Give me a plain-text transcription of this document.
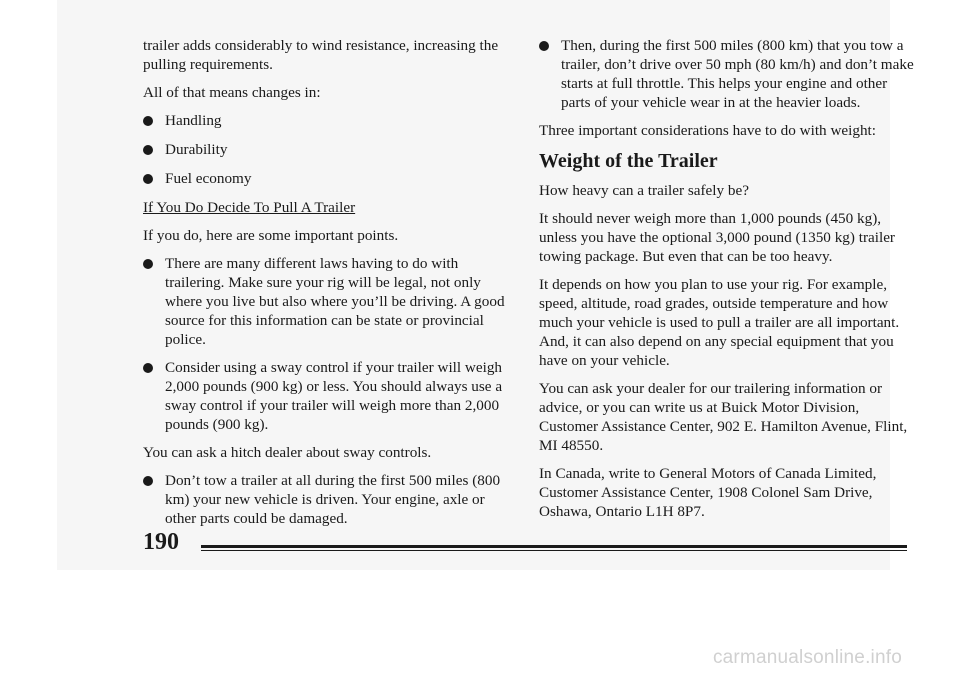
trailer adds considerably to wind resistance, increasing the pulling requirements.

All of that means changes in:

Handling
Durability
Fuel economy
If You Do Decide To Pull A Trailer

If you do, here are some important points.

There are many different laws having to do with trailering. Make sure your rig will be legal, not only where you live but also where you’ll be driving. A good source for this information can be state or provincial police.
Consider using a sway control if your trailer will weigh 2,000 pounds (900 kg) or less. You should always use a sway control if your trailer will weigh more than 2,000 pounds (900 kg).

You can ask a hitch dealer about sway controls.

Don’t tow a trailer at all during the first 500 miles (800 km) your new vehicle is driven. Your engine, axle or other parts could be damaged.
Then, during the first 500 miles (800 km) that you tow a trailer, don’t drive over 50 mph (80 km/h) and don’t make starts at full throttle. This helps your engine and other parts of your vehicle wear in at the heavier loads.

Three important considerations have to do with weight:

Weight of the Trailer

How heavy can a trailer safely be?

It should never weigh more than 1,000 pounds (450 kg), unless you have the optional 3,000 pound (1350 kg) trailer towing package. But even that can be too heavy.

It depends on how you plan to use your rig. For example, speed, altitude, road grades, outside temperature and how much your vehicle is used to pull a trailer are all important. And, it can also depend on any special equipment that you have on your vehicle.

You can ask your dealer for our trailering information or advice, or you can write us at Buick Motor Division, Customer Assistance Center, 902 E. Hamilton Avenue, Flint, MI 48550.

In Canada, write to General Motors of Canada Limited, Customer Assistance Center, 1908 Colonel Sam Drive, Oshawa, Ontario L1H 8P7.

190
carmanualsonline.info
